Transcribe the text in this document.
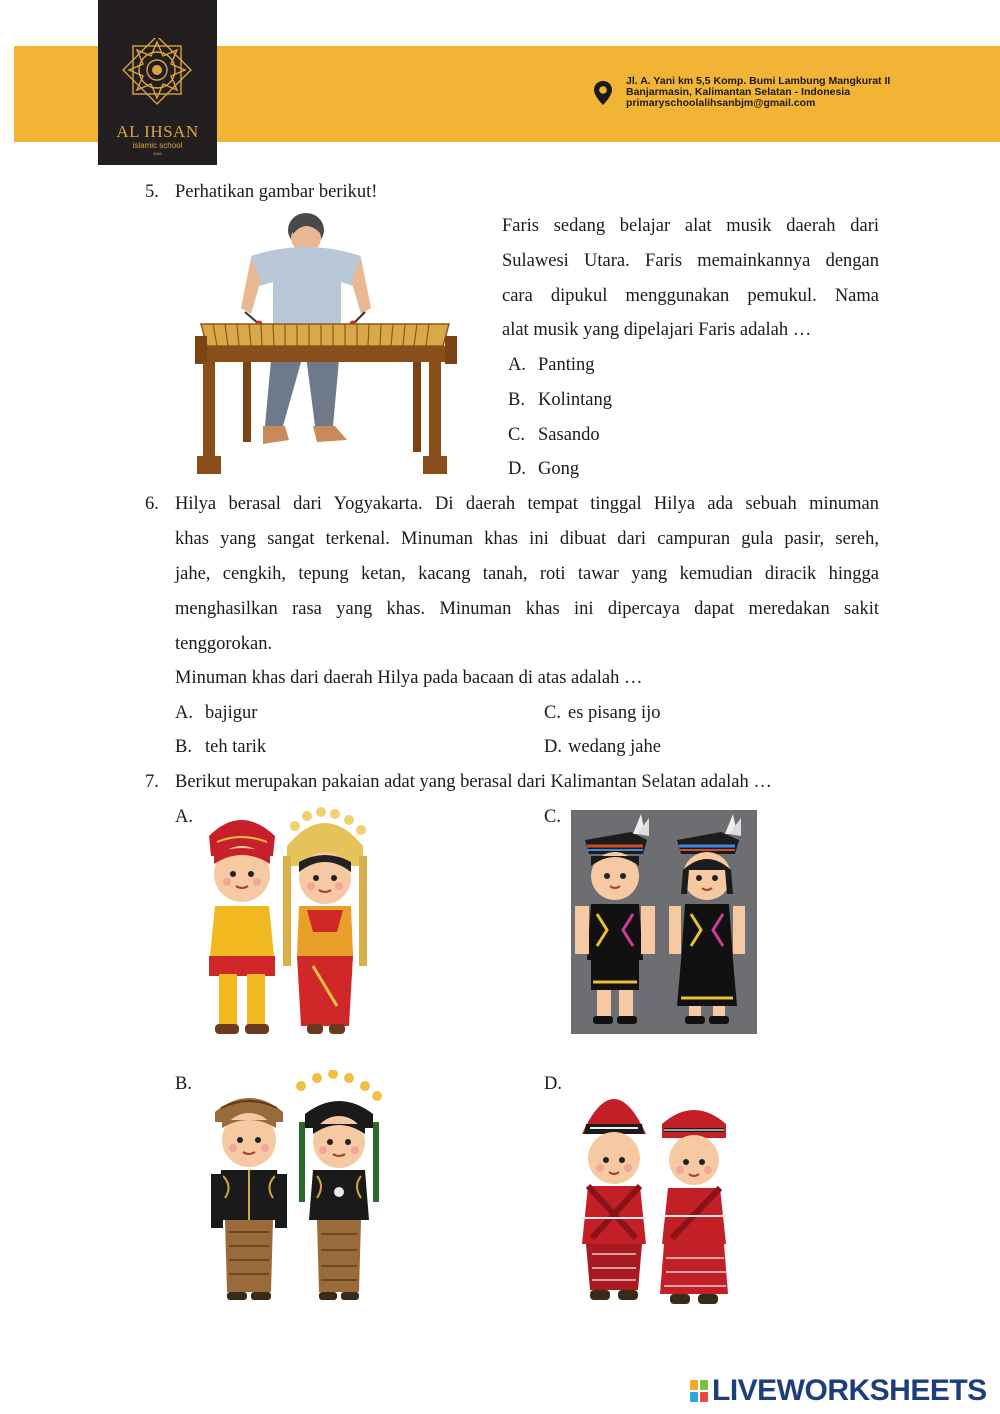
AL IHSAN
islamic school
BJM
Jl. A. Yani km 5,5 Komp. Bumi Lambung Mangkurat II
Banjarmasin, Kalimantan Selatan - Indonesia
primaryschoolalihsanbjm@gmail.com
5. Perhatikan gambar berikut!
Faris sedang belajar alat musik daerah dari
Sulawesi Utara. Faris memainkannya dengan
cara dipukul menggunakan pemukul. Nama
alat musik yang dipelajari Faris adalah …
A. Panting
B. Kolintang
C. Sasando
D. Gong
6. Hilya berasal dari Yogyakarta. Di daerah tempat tinggal Hilya ada sebuah minuman
khas yang sangat terkenal. Minuman khas ini dibuat dari campuran gula pasir, sereh,
jahe, cengkih, tepung ketan, kacang tanah, roti tawar yang kemudian diracik hingga
menghasilkan rasa yang khas. Minuman khas ini dipercaya dapat meredakan sakit
tenggorokan.
Minuman khas dari daerah Hilya pada bacaan di atas adalah …
A. bajigur
B. teh tarik
C. es pisang ijo
D. wedang jahe
7. Berikut merupakan pakaian adat yang berasal dari Kalimantan Selatan adalah …
A.	C.
B.	D.
LIVEWORKSHEETS
